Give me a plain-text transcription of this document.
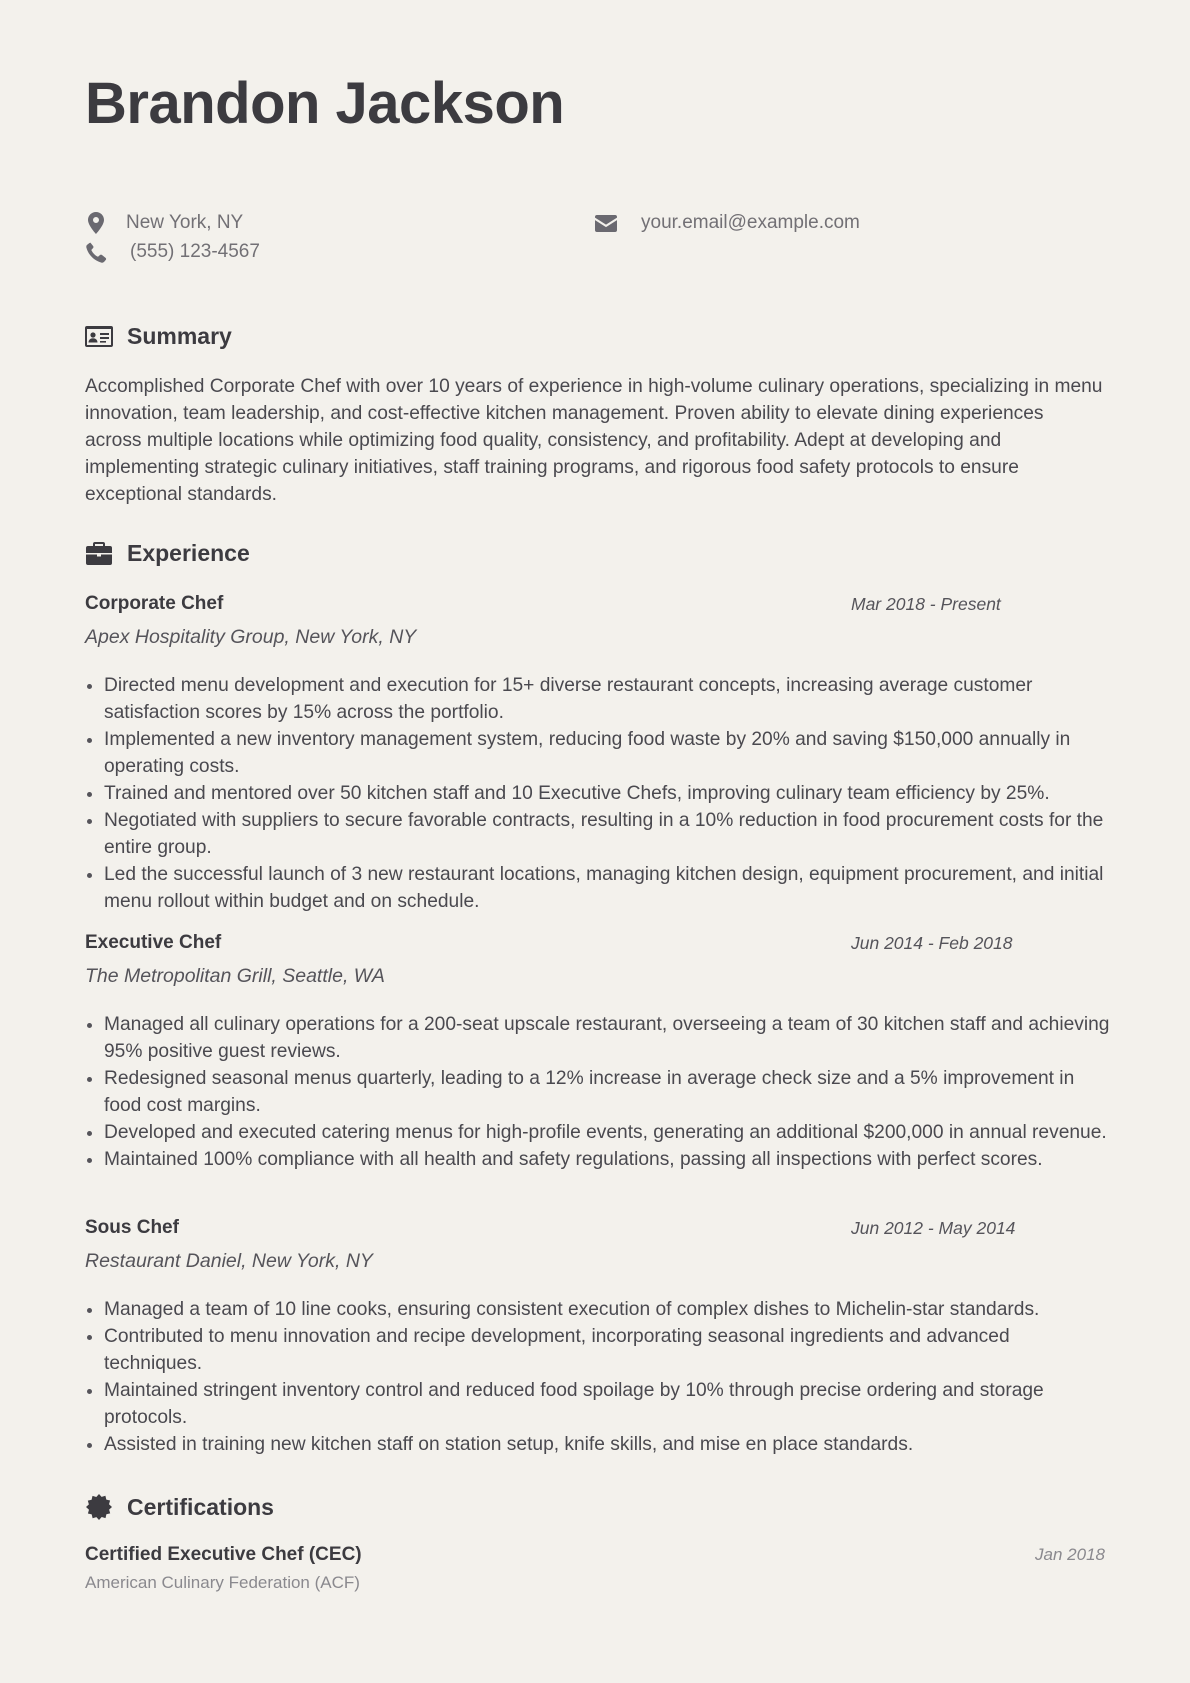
Brandon Jackson
New York, NY	your.email@example.com
(555) 123-4567
Summary
Accomplished Corporate Chef with over 10 years of experience in high-volume culinary operations, specializing in menu innovation, team leadership, and cost-effective kitchen management. Proven ability to elevate dining experiences across multiple locations while optimizing food quality, consistency, and profitability. Adept at developing and implementing strategic culinary initiatives, staff training programs, and rigorous food safety protocols to ensure exceptional standards.
Experience
Corporate Chef	Mar 2018 - Present
Apex Hospitality Group, New York, NY
Directed menu development and execution for 15+ diverse restaurant concepts, increasing average customer satisfaction scores by 15% across the portfolio.
Implemented a new inventory management system, reducing food waste by 20% and saving $150,000 annually in operating costs.
Trained and mentored over 50 kitchen staff and 10 Executive Chefs, improving culinary team efficiency by 25%.
Negotiated with suppliers to secure favorable contracts, resulting in a 10% reduction in food procurement costs for the entire group.
Led the successful launch of 3 new restaurant locations, managing kitchen design, equipment procurement, and initial menu rollout within budget and on schedule.
Executive Chef	Jun 2014 - Feb 2018
The Metropolitan Grill, Seattle, WA
Managed all culinary operations for a 200-seat upscale restaurant, overseeing a team of 30 kitchen staff and achieving 95% positive guest reviews.
Redesigned seasonal menus quarterly, leading to a 12% increase in average check size and a 5% improvement in food cost margins.
Developed and executed catering menus for high-profile events, generating an additional $200,000 in annual revenue.
Maintained 100% compliance with all health and safety regulations, passing all inspections with perfect scores.
Sous Chef	Jun 2012 - May 2014
Restaurant Daniel, New York, NY
Managed a team of 10 line cooks, ensuring consistent execution of complex dishes to Michelin-star standards.
Contributed to menu innovation and recipe development, incorporating seasonal ingredients and advanced techniques.
Maintained stringent inventory control and reduced food spoilage by 10% through precise ordering and storage protocols.
Assisted in training new kitchen staff on station setup, knife skills, and mise en place standards.
Certifications
Certified Executive Chef (CEC)
American Culinary Federation (ACF)
Jan 2018
